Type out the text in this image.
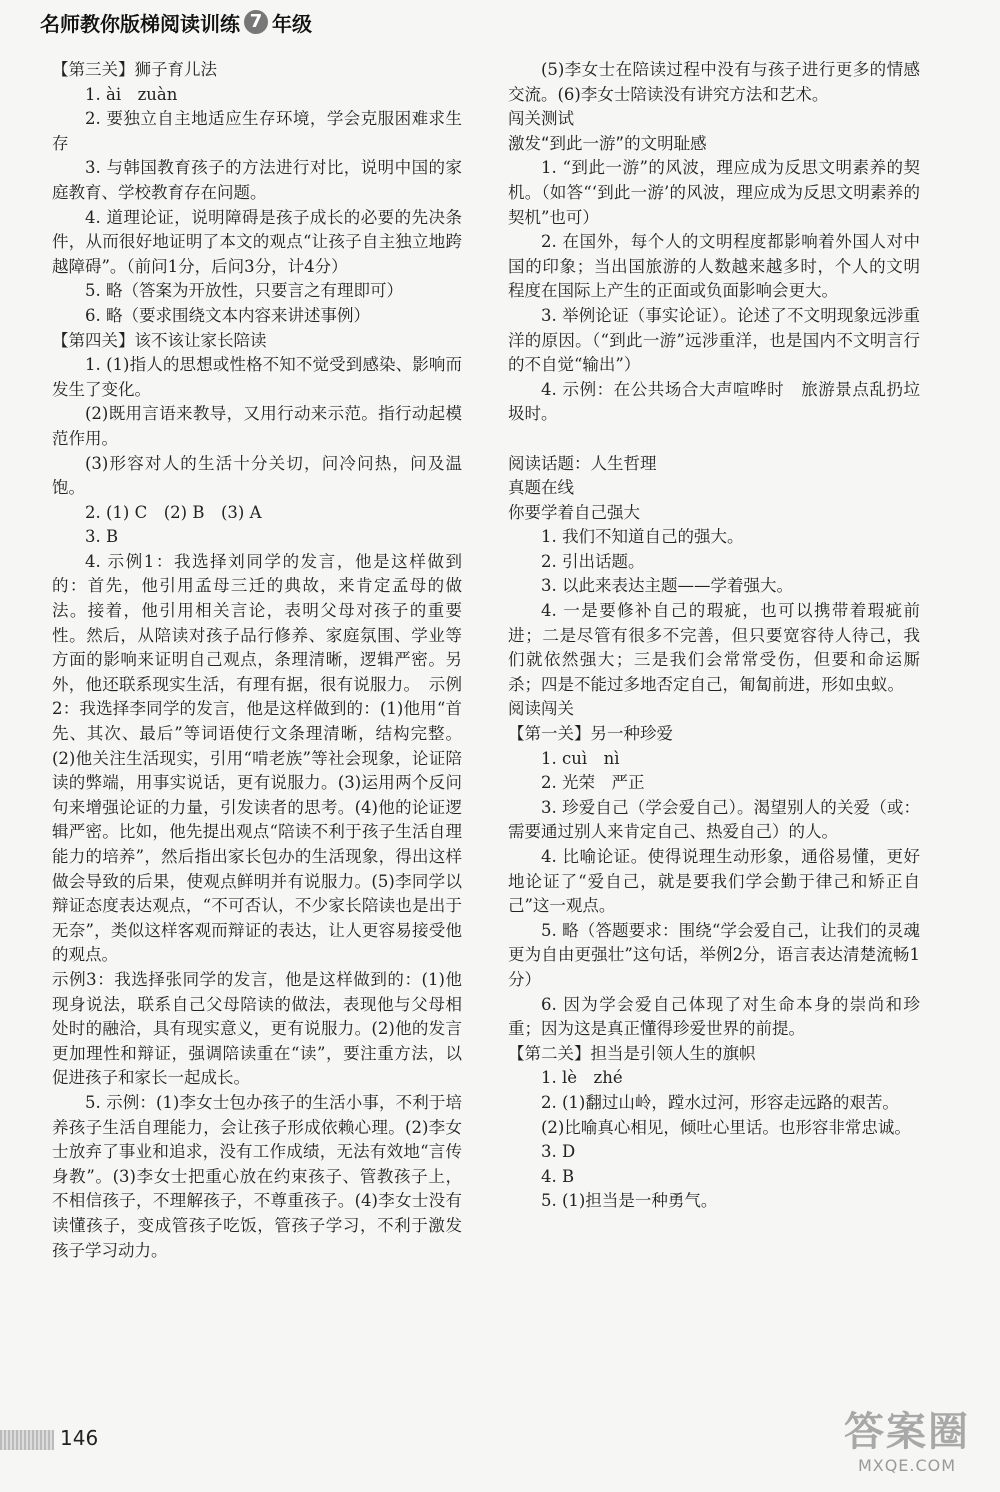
名师教你版梯阅读训练 7 年级

【第三关】狮子育儿法

1. ài　zuàn

2. 要独立自主地适应生存环境，学会克服困难求生存

3. 与韩国教育孩子的方法进行对比，说明中国的家庭教育、学校教育存在问题。

4. 道理论证，说明障碍是孩子成长的必要的先决条件，从而很好地证明了本文的观点“让孩子自主独立地跨越障碍”。（前问1分，后问3分，计4分）

5. 略（答案为开放性，只要言之有理即可）

6. 略（要求围绕文本内容来讲述事例）

【第四关】该不该让家长陪读

1. (1)指人的思想或性格不知不觉受到感染、影响而发生了变化。

(2)既用言语来教导，又用行动来示范。指行动起模范作用。

(3)形容对人的生活十分关切，问冷问热，问及温饱。

2. (1) C　(2) B　(3) A

3. B

4. 示例1：我选择刘同学的发言，他是这样做到的：首先，他引用孟母三迁的典故，来肯定孟母的做法。接着，他引用相关言论，表明父母对孩子的重要性。然后，从陪读对孩子品行修养、家庭氛围、学业等方面的影响来证明自己观点，条理清晰，逻辑严密。另外，他还联系现实生活，有理有据，很有说服力。　示例2：我选择李同学的发言，他是这样做到的：(1)他用“首先、其次、最后”等词语使行文条理清晰，结构完整。(2)他关注生活现实，引用“啃老族”等社会现象，论证陪读的弊端，用事实说话，更有说服力。(3)运用两个反问句来增强论证的力量，引发读者的思考。(4)他的论证逻辑严密。比如，他先提出观点“陪读不利于孩子生活自理能力的培养”，然后指出家长包办的生活现象，得出这样做会导致的后果，使观点鲜明并有说服力。(5)李同学以辩证态度表达观点，“不可否认，不少家长陪读也是出于无奈”，类似这样客观而辩证的表达，让人更容易接受他的观点。

示例3：我选择张同学的发言，他是这样做到的：(1)他现身说法，联系自己父母陪读的做法，表现他与父母相处时的融洽，具有现实意义，更有说服力。(2)他的发言更加理性和辩证，强调陪读重在“读”，要注重方法，以促进孩子和家长一起成长。

5. 示例：(1)李女士包办孩子的生活小事，不利于培养孩子生活自理能力，会让孩子形成依赖心理。(2)李女士放弃了事业和追求，没有工作成绩，无法有效地“言传身教”。(3)李女士把重心放在约束孩子、管教孩子上，不相信孩子，不理解孩子，不尊重孩子。(4)李女士没有读懂孩子，变成管孩子吃饭，管孩子学习，不利于激发孩子学习动力。

(5)李女士在陪读过程中没有与孩子进行更多的情感交流。(6)李女士陪读没有讲究方法和艺术。

闯关测试

激发“到此一游”的文明耻感

1. “到此一游”的风波，理应成为反思文明素养的契机。（如答“‘到此一游’的风波，理应成为反思文明素养的契机”也可）

2. 在国外，每个人的文明程度都影响着外国人对中国的印象；当出国旅游的人数越来越多时，个人的文明程度在国际上产生的正面或负面影响会更大。

3. 举例论证（事实论证）。论述了不文明现象远涉重洋的原因。（“到此一游”远涉重洋，也是国内不文明言行的不自觉“输出”）

4. 示例：在公共场合大声喧哗时　旅游景点乱扔垃圾时。

阅读话题：人生哲理

真题在线

你要学着自己强大

1. 我们不知道自己的强大。

2. 引出话题。

3. 以此来表达主题——学着强大。

4. 一是要修补自己的瑕疵，也可以携带着瑕疵前进；二是尽管有很多不完善，但只要宽容待人待己，我们就依然强大；三是我们会常常受伤，但要和命运厮杀；四是不能过多地否定自己，匍匐前进，形如虫蚁。

阅读闯关

【第一关】另一种珍爱

1. cuì　nì

2. 光荣　严正

3. 珍爱自己（学会爱自己）。渴望别人的关爱（或：需要通过别人来肯定自己、热爱自己）的人。

4. 比喻论证。使得说理生动形象，通俗易懂，更好地论证了“爱自己，就是要我们学会勤于律己和矫正自己”这一观点。

5. 略（答题要求：围绕“学会爱自己，让我们的灵魂更为自由更强壮”这句话，举例2分，语言表达清楚流畅1分）

6. 因为学会爱自己体现了对生命本身的崇尚和珍重；因为这是真正懂得珍爱世界的前提。

【第二关】担当是引领人生的旗帜

1. lè　zhé

2. (1)翻过山岭，蹚水过河，形容走远路的艰苦。

(2)比喻真心相见，倾吐心里话。也形容非常忠诚。

3. D

4. B

5. (1)担当是一种勇气。

146	答案圈
MXQE.COM
